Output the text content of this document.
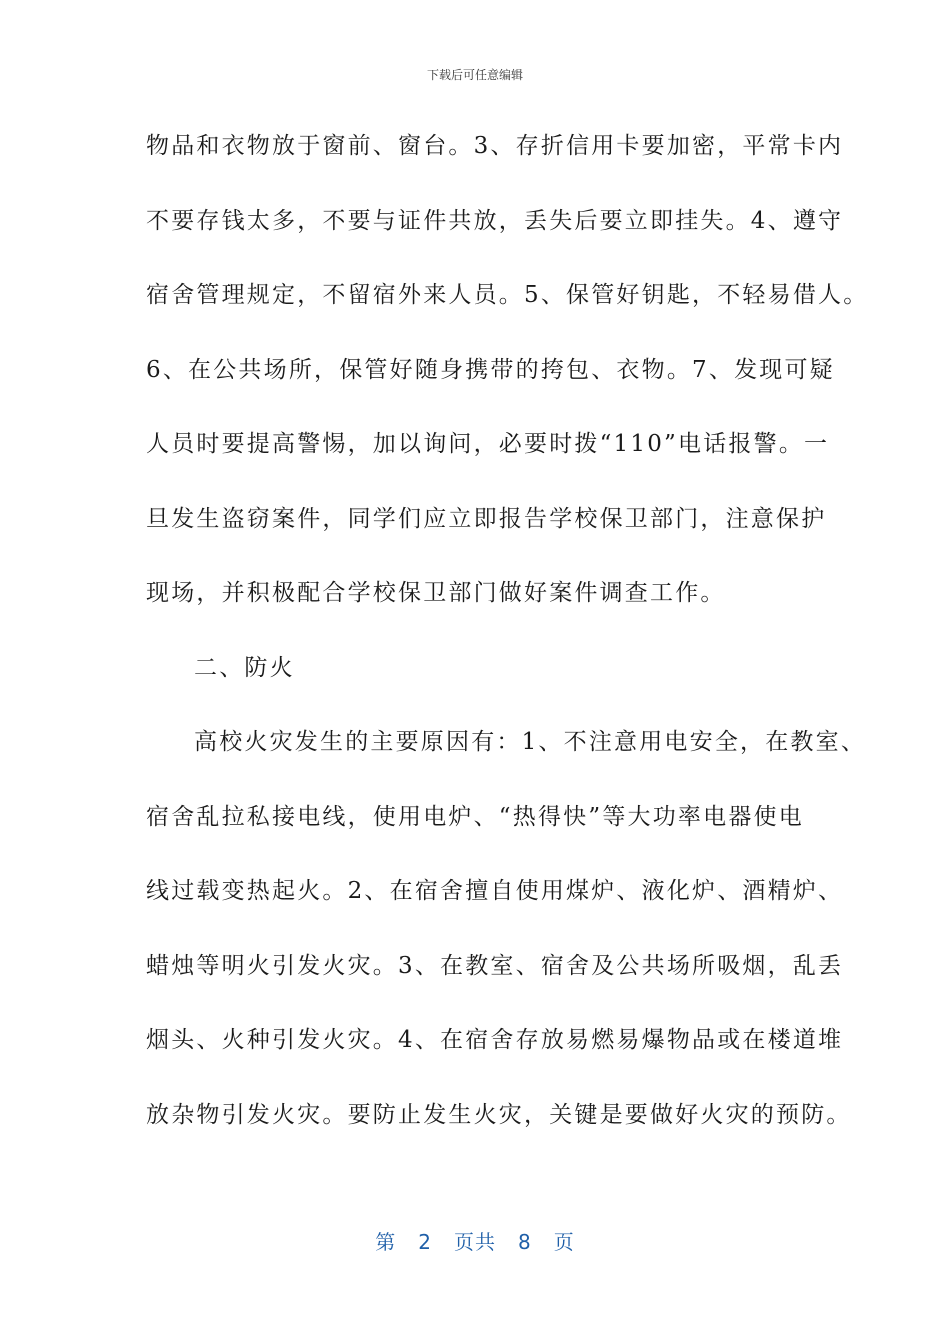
下载后可任意编辑
物品和衣物放于窗前、窗台。3、存折信用卡要加密，平常卡内
不要存钱太多，不要与证件共放，丢失后要立即挂失。4、遵守
宿舍管理规定，不留宿外来人员。5、保管好钥匙，不轻易借人。
6、在公共场所，保管好随身携带的挎包、衣物。7、发现可疑
人员时要提高警惕，加以询问，必要时拨“110”电话报警。一
旦发生盗窃案件，同学们应立即报告学校保卫部门，注意保护
现场，并积极配合学校保卫部门做好案件调查工作。
二、防火
高校火灾发生的主要原因有：1、不注意用电安全，在教室、
宿舍乱拉私接电线，使用电炉、“热得快”等大功率电器使电
线过载变热起火。2、在宿舍擅自使用煤炉、液化炉、酒精炉、
蜡烛等明火引发火灾。3、在教室、宿舍及公共场所吸烟，乱丢
烟头、火种引发火灾。4、在宿舍存放易燃易爆物品或在楼道堆
放杂物引发火灾。要防止发生火灾，关键是要做好火灾的预防。
第 2 页共 8 页
